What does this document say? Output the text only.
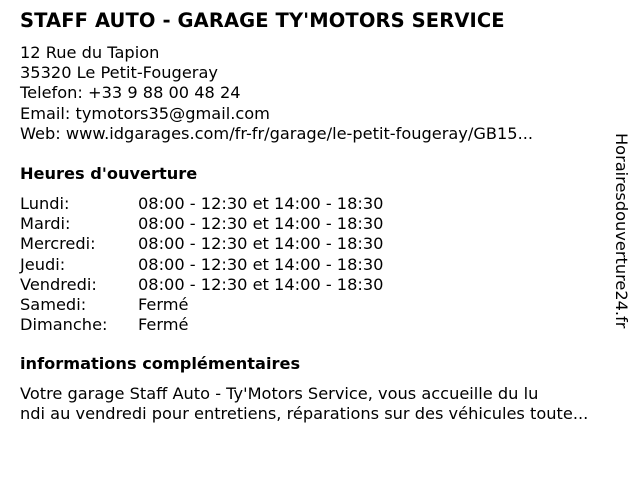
STAFF AUTO - GARAGE TY'MOTORS SERVICE
12 Rue du Tapion
35320 Le Petit-Fougeray
Telefon: +33 9 88 00 48 24
Email: tymotors35@gmail.com
Web: www.idgarages.com/fr-fr/garage/le-petit-fougeray/GB15...
Heures d'ouverture
Lundi:	08:00 - 12:30 et 14:00 - 18:30
Mardi:	08:00 - 12:30 et 14:00 - 18:30
Mercredi:	08:00 - 12:30 et 14:00 - 18:30
Jeudi:	08:00 - 12:30 et 14:00 - 18:30
Vendredi:	08:00 - 12:30 et 14:00 - 18:30
Samedi:	Fermé
Dimanche: Fermé
informations complémentaires
Votre garage Staff Auto - Ty'Motors Service, vous accueille du lu
ndi au vendredi pour entretiens, réparations sur des véhicules toute...
Horairesdouverture24.fr
